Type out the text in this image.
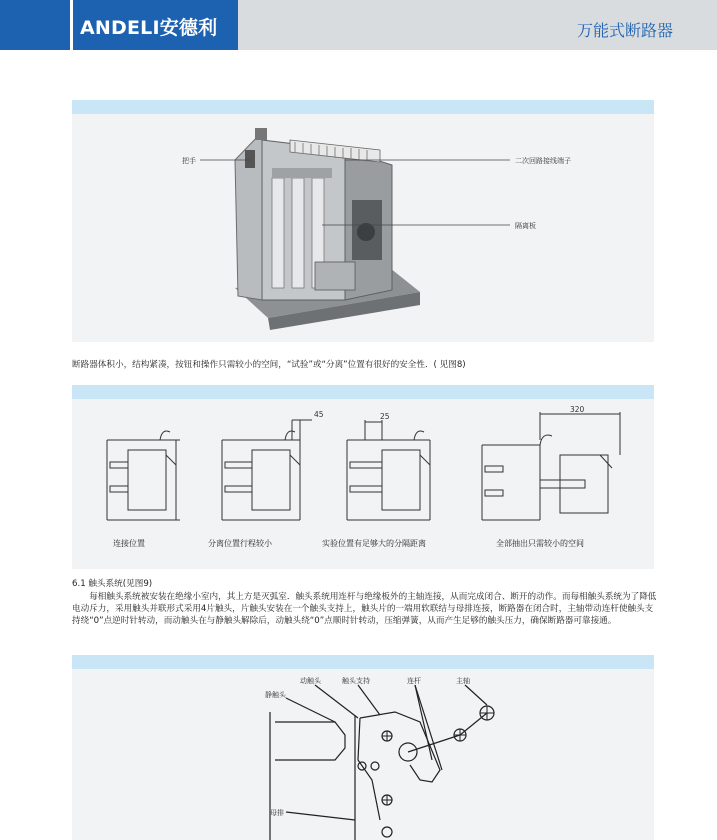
ANDELI安德利	万能式断路器
把手	二次回路接线端子
隔离板
断路器体积小，结构紧凑，按钮和操作只需较小的空间，“试验”或“分离”位置有很好的安全性．( 见图8)
45	25
320
连接位置	分离位置行程较小	实验位置有足够大的分隔距离	全部抽出只需较小的空间
6.1 触头系统(见图9)
每相触头系统被安装在绝缘小室内，其上方是灭弧室．触头系统用连杆与绝缘板外的主轴连接，从而完成闭合、断开的动作。而每相触头系统为了降低电动斥力，采用触头并联形式采用4片触头，片触头安装在一个触头支持上，触头片的一端用软联结与母排连接，断路器在闭合时，主轴带动连杆使触头支持绕“0”点逆时针转动，而动触头在与静触头解除后，动触头绕“0”点顺时针转动，压缩弹簧，从而产生足够的触头压力，确保断路器可靠接通。
动触头	触头支持	连杆	主轴
静触头
母排
